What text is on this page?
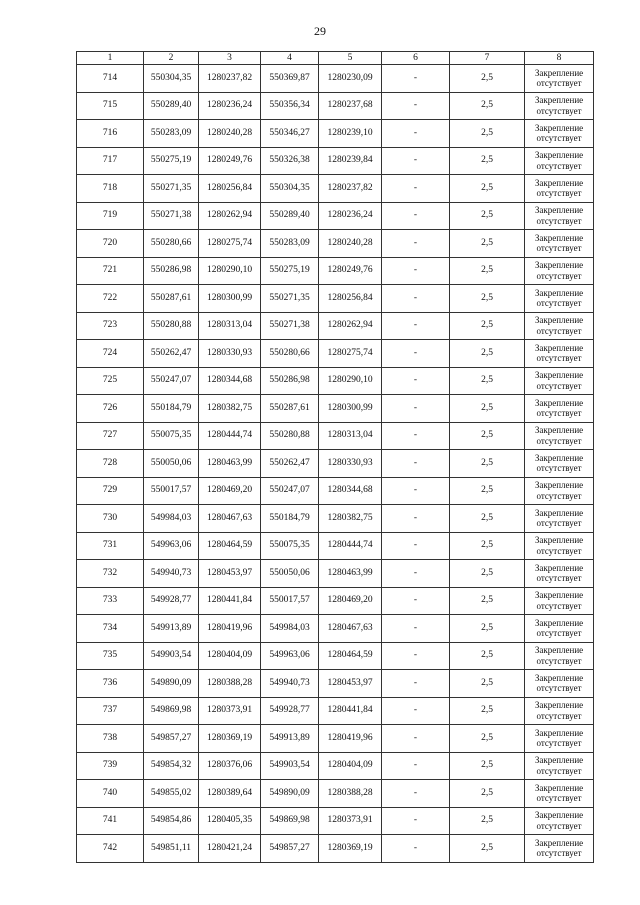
29
1	2	3	4	5	6	7	8
714	550304,35	1280237,82	550369,87	1280230,09	-	2,5	Закрепление отсутствует
715	550289,40	1280236,24	550356,34	1280237,68	-	2,5	Закрепление отсутствует
716	550283,09	1280240,28	550346,27	1280239,10	-	2,5	Закрепление отсутствует
717	550275,19	1280249,76	550326,38	1280239,84	-	2,5	Закрепление отсутствует
718	550271,35	1280256,84	550304,35	1280237,82	-	2,5	Закрепление отсутствует
719	550271,38	1280262,94	550289,40	1280236,24	-	2,5	Закрепление отсутствует
720	550280,66	1280275,74	550283,09	1280240,28	-	2,5	Закрепление отсутствует
721	550286,98	1280290,10	550275,19	1280249,76	-	2,5	Закрепление отсутствует
722	550287,61	1280300,99	550271,35	1280256,84	-	2,5	Закрепление отсутствует
723	550280,88	1280313,04	550271,38	1280262,94	-	2,5	Закрепление отсутствует
724	550262,47	1280330,93	550280,66	1280275,74	-	2,5	Закрепление отсутствует
725	550247,07	1280344,68	550286,98	1280290,10	-	2,5	Закрепление отсутствует
726	550184,79	1280382,75	550287,61	1280300,99	-	2,5	Закрепление отсутствует
727	550075,35	1280444,74	550280,88	1280313,04	-	2,5	Закрепление отсутствует
728	550050,06	1280463,99	550262,47	1280330,93	-	2,5	Закрепление отсутствует
729	550017,57	1280469,20	550247,07	1280344,68	-	2,5	Закрепление отсутствует
730	549984,03	1280467,63	550184,79	1280382,75	-	2,5	Закрепление отсутствует
731	549963,06	1280464,59	550075,35	1280444,74	-	2,5	Закрепление отсутствует
732	549940,73	1280453,97	550050,06	1280463,99	-	2,5	Закрепление отсутствует
733	549928,77	1280441,84	550017,57	1280469,20	-	2,5	Закрепление отсутствует
734	549913,89	1280419,96	549984,03	1280467,63	-	2,5	Закрепление отсутствует
735	549903,54	1280404,09	549963,06	1280464,59	-	2,5	Закрепление отсутствует
736	549890,09	1280388,28	549940,73	1280453,97	-	2,5	Закрепление отсутствует
737	549869,98	1280373,91	549928,77	1280441,84	-	2,5	Закрепление отсутствует
738	549857,27	1280369,19	549913,89	1280419,96	-	2,5	Закрепление отсутствует
739	549854,32	1280376,06	549903,54	1280404,09	-	2,5	Закрепление отсутствует
740	549855,02	1280389,64	549890,09	1280388,28	-	2,5	Закрепление отсутствует
741	549854,86	1280405,35	549869,98	1280373,91	-	2,5	Закрепление отсутствует
742	549851,11	1280421,24	549857,27	1280369,19	-	2,5	Закрепление отсутствует
